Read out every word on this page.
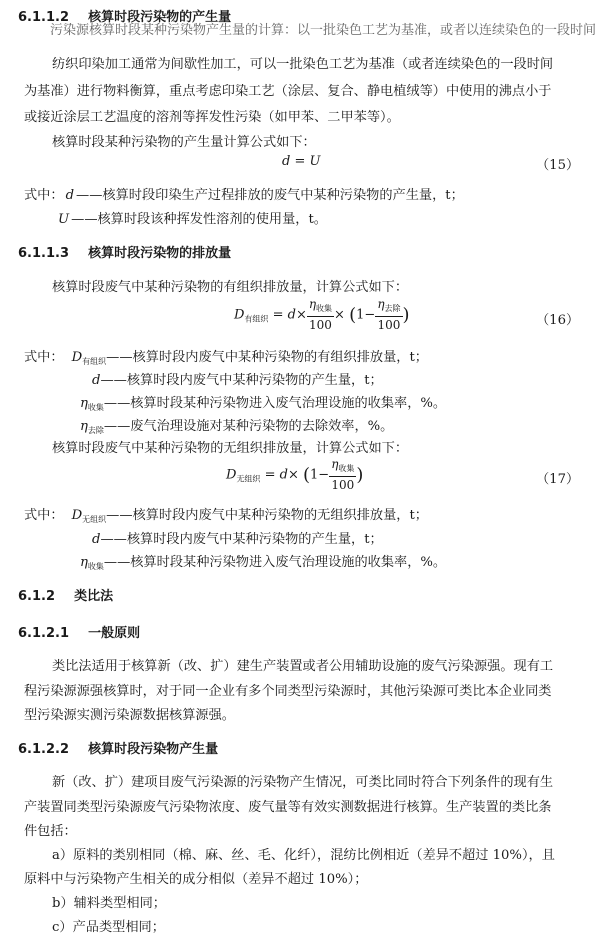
6.1.1.2 核算时段污染物的产生量
污染源核算时段某种污染物产生量的计算：以一批染色工艺为基准，或者以连续染色的一段时间
纺织印染加工通常为间歇性加工，可以一批染色工艺为基准（或者连续染色的一段时间
为基准）进行物料衡算，重点考虑印染工艺（涂层、复合、静电植绒等）中使用的沸点小于
或接近涂层工艺温度的溶剂等挥发性污染（如甲苯、二甲苯等）。
核算时段某种污染物的产生量计算公式如下：
d = U	（15）
式中： d ——核算时段印染生产过程排放的废气中某种污染物的产生量，t；
U ——核算时段该种挥发性溶剂的使用量，t。
6.1.1.3 核算时段污染物的排放量
核算时段废气中某种污染物的有组织排放量，计算公式如下：
$D_{有组织} = d\times \frac{\eta_{收集}}{100} \times (1- \frac{\eta_{去除}}{100}$ )	（16）
式中： $D_{有组织}——$核算时段内废气中某种污染物的有组织排放量，t；
d——核算时段内废气中某种污染物的产生量，t；
$\eta_{收集}——$核算时段某种污染物进入废气治理设施的收集率，%。
$\eta_{去除}——$废气治理设施对某种污染物的去除效率，%。
核算时段废气中某种污染物的无组织排放量，计算公式如下：
$D_{无组织} = d\times (1- \frac{\eta_{收集}}{100}$ )	（17）
式中： $D_{无组织}——$核算时段内废气中某种污染物的无组织排放量，t；
d——核算时段内废气中某种污染物的产生量，t；
$\eta_{收集}——$核算时段某种污染物进入废气治理设施的收集率，%。
6.1.2 类比法
6.1.2.1 一般原则
类比法适用于核算新（改、扩）建生产装置或者公用辅助设施的废气污染源强。现有工
程污染源源强核算时，对于同一企业有多个同类型污染源时，其他污染源可类比本企业同类
型污染源实测污染源数据核算源强。
6.1.2.2 核算时段污染物产生量
新（改、扩）建项目废气污染源的污染物产生情况，可类比同时符合下列条件的现有生
产装置同类型污染源废气污染物浓度、废气量等有效实测数据进行核算。生产装置的类比条
件包括：
a）原料的类别相同（棉、麻、丝、毛、化纤），混纺比例相近（差异不超过 10%），且
原料中与污染物产生相关的成分相似（差异不超过 10%）；
b）辅料类型相同；
c）产品类型相同；
